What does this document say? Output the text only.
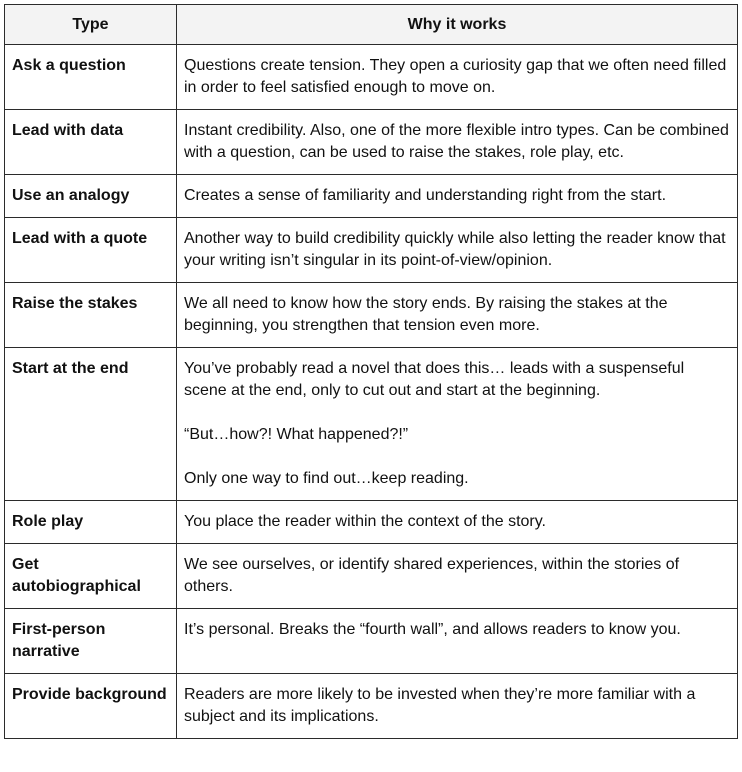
Type	Why it works
Ask a question	Questions create tension. They open a curiosity gap that we often need filled in order to feel satisfied enough to move on.

Lead with data	Instant credibility. Also, one of the more flexible intro types. Can be combined with a question, can be used to raise the stakes, role play, etc.

Use an analogy	Creates a sense of familiarity and understanding right from the start.

Lead with a quote	Another way to build credibility quickly while also letting the reader know that your writing isn’t singular in its point-of-view/opinion.

Raise the stakes	We all need to know how the story ends. By raising the stakes at the beginning, you strengthen that tension even more.

Start at the end	You’ve probably read a novel that does this… leads with a suspenseful scene at the end, only to cut out and start at the beginning.

“But…how?! What happened?!”

Only one way to find out…keep reading.

Role play	You place the reader within the context of the story.

Get autobiographical	We see ourselves, or identify shared experiences, within the stories of others.

First-person narrative	It’s personal. Breaks the “fourth wall”, and allows readers to know you.

Provide background	Readers are more likely to be invested when they’re more familiar with a subject and its implications.
